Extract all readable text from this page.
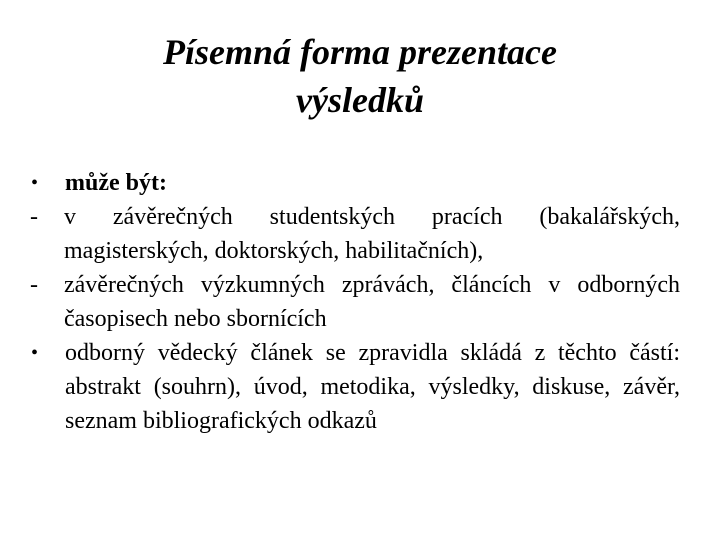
Písemná forma prezentace
výsledků
•	může být:
-	v závěrečných studentských pracích (bakalářských, magisterských, doktorských, habilitačních),
-	závěrečných výzkumných zprávách, článcích v odborných časopisech nebo sbornících
•	odborný vědecký článek se zpravidla skládá z těchto částí: abstrakt (souhrn), úvod, metodika, výsledky, diskuse, závěr, seznam bibliografických odkazů
